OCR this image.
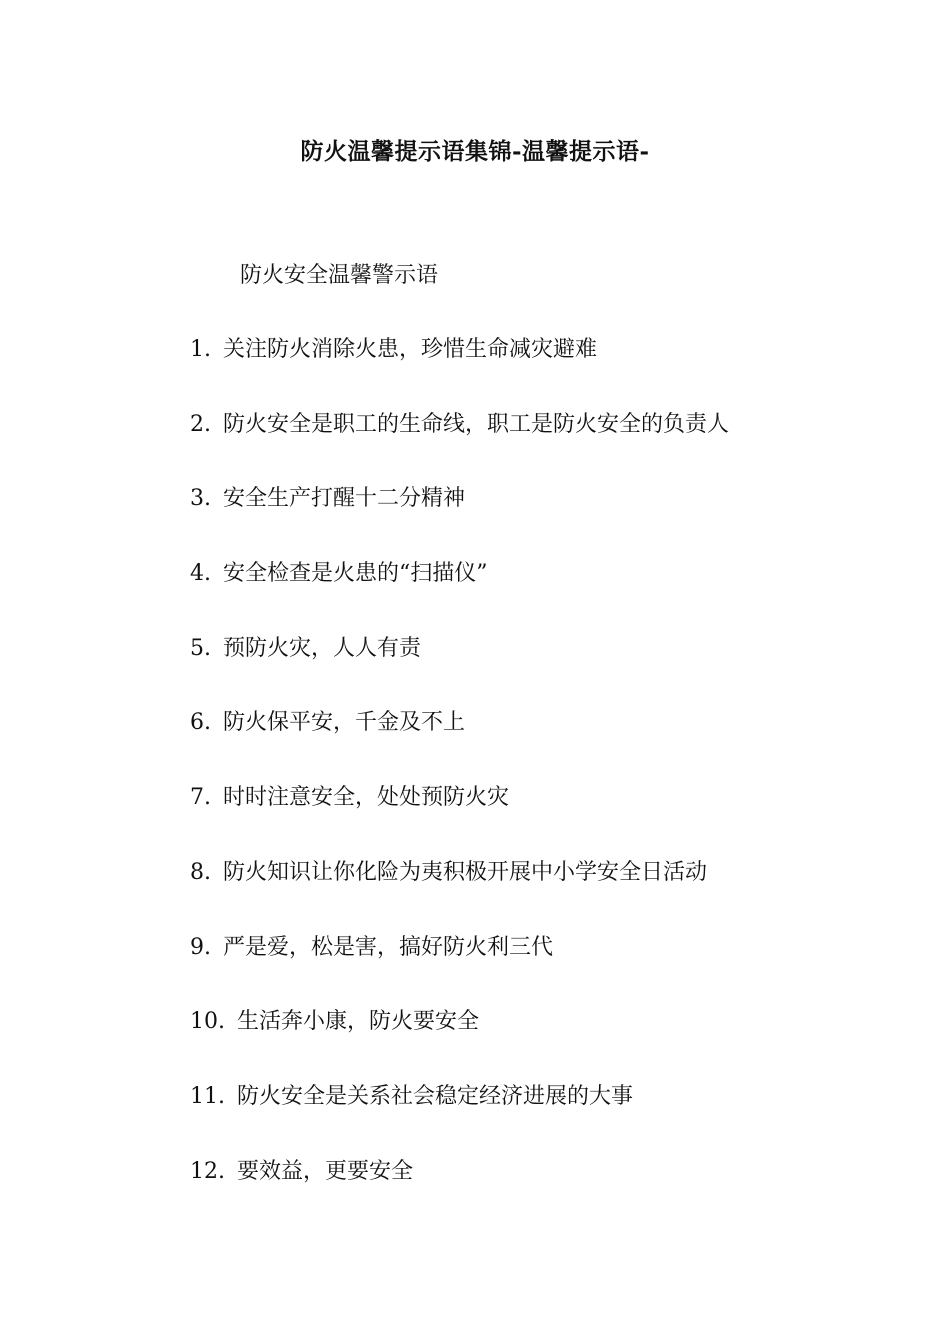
防火温馨提示语集锦-温馨提示语-
防火安全温馨警示语
1. 关注防火消除火患，珍惜生命减灾避难
2. 防火安全是职工的生命线，职工是防火安全的负责人
3. 安全生产打醒十二分精神
4. 安全检查是火患的“扫描仪”
5. 预防火灾，人人有责
6. 防火保平安，千金及不上
7. 时时注意安全，处处预防火灾
8. 防火知识让你化险为夷积极开展中小学安全日活动
9. 严是爱，松是害，搞好防火利三代
10. 生活奔小康，防火要安全
11. 防火安全是关系社会稳定经济进展的大事
12. 要效益，更要安全
